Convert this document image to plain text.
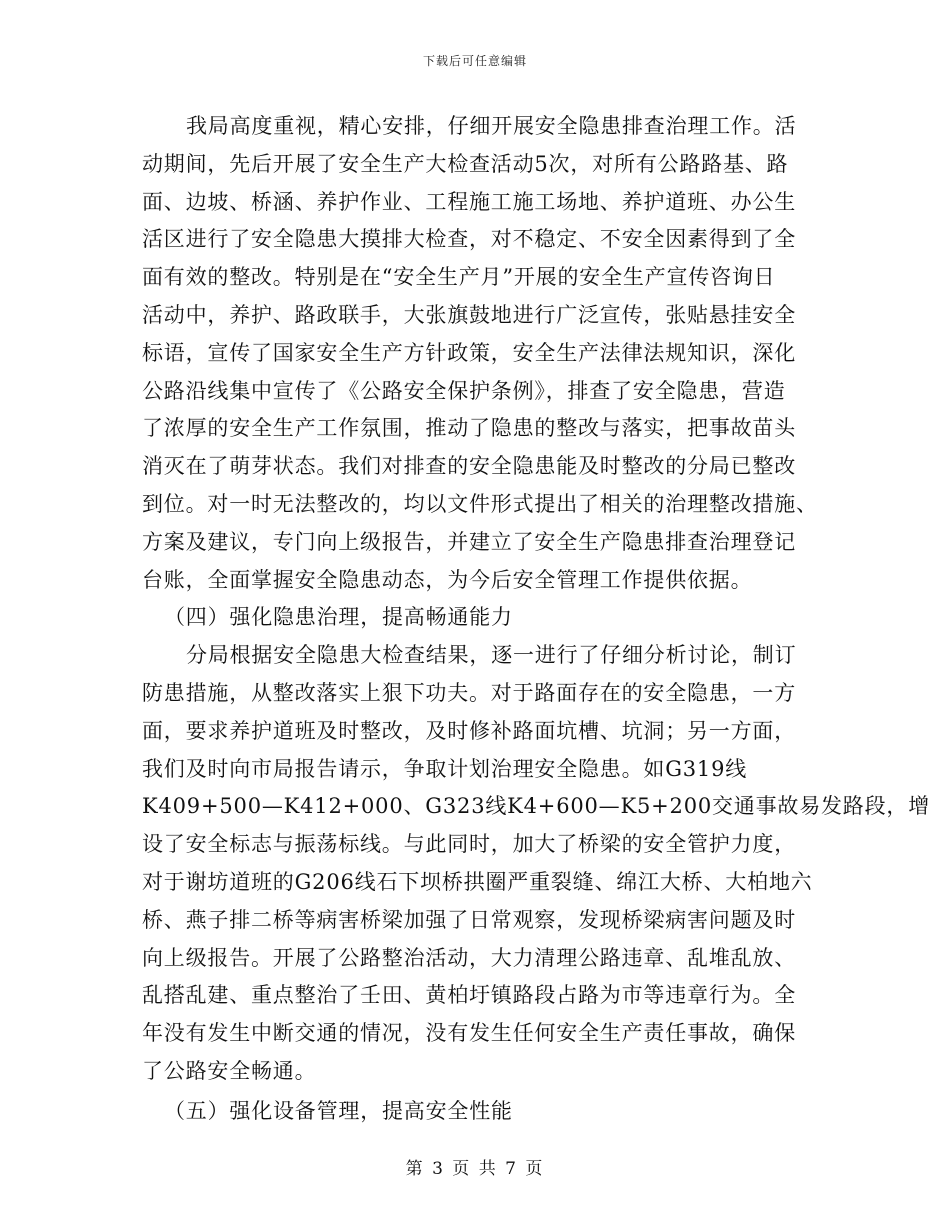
下载后可任意编辑
我局高度重视，精心安排，仔细开展安全隐患排查治理工作。活
动期间，先后开展了安全生产大检查活动5次，对所有公路路基、路
面、边坡、桥涵、养护作业、工程施工施工场地、养护道班、办公生
活区进行了安全隐患大摸排大检查，对不稳定、不安全因素得到了全
面有效的整改。特别是在“安全生产月”开展的安全生产宣传咨询日
活动中，养护、路政联手，大张旗鼓地进行广泛宣传，张贴悬挂安全
标语，宣传了国家安全生产方针政策，安全生产法律法规知识，深化
公路沿线集中宣传了《公路安全保护条例》，排查了安全隐患，营造
了浓厚的安全生产工作氛围，推动了隐患的整改与落实，把事故苗头
消灭在了萌芽状态。我们对排查的安全隐患能及时整改的分局已整改
到位。对一时无法整改的，均以文件形式提出了相关的治理整改措施、
方案及建议，专门向上级报告，并建立了安全生产隐患排查治理登记
台账，全面掌握安全隐患动态，为今后安全管理工作提供依据。
（四）强化隐患治理，提高畅通能力
分局根据安全隐患大检查结果，逐一进行了仔细分析讨论，制订
防患措施，从整改落实上狠下功夫。对于路面存在的安全隐患，一方
面，要求养护道班及时整改，及时修补路面坑槽、坑洞；另一方面，
我们及时向市局报告请示，争取计划治理安全隐患。如G319线
K409+500—K412+000、G323线K4+600—K5+200交通事故易发路段，增
设了安全标志与振荡标线。与此同时，加大了桥梁的安全管护力度，
对于谢坊道班的G206线石下坝桥拱圈严重裂缝、绵江大桥、大柏地六
桥、燕子排二桥等病害桥梁加强了日常观察，发现桥梁病害问题及时
向上级报告。开展了公路整治活动，大力清理公路违章、乱堆乱放、
乱搭乱建、重点整治了壬田、黄柏圩镇路段占路为市等违章行为。全
年没有发生中断交通的情况，没有发生任何安全生产责任事故，确保
了公路安全畅通。
（五）强化设备管理，提高安全性能
第 3 页 共 7 页
